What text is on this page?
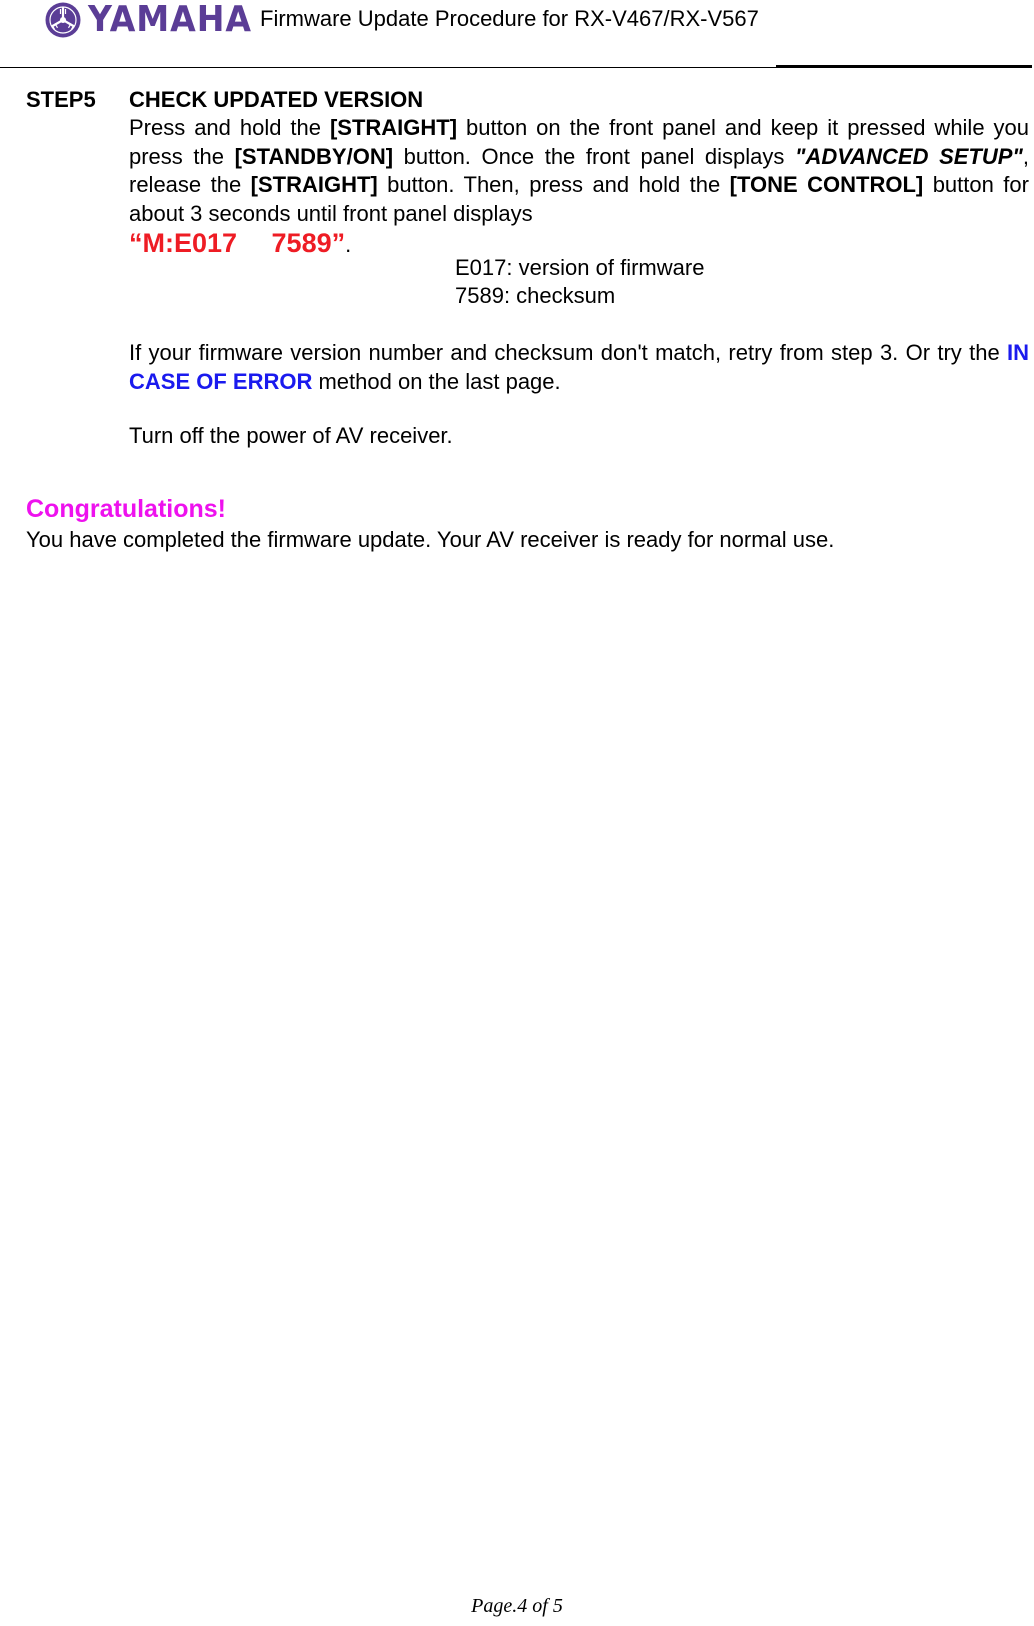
YAMAHA Firmware Update Procedure for RX-V467/RX-V567
STEP5 CHECK UPDATED VERSION
Press and hold the [STRAIGHT] button on the front panel and keep it pressed while you press the [STANDBY/ON] button. Once the front panel displays "ADVANCED SETUP", release the [STRAIGHT] button. Then, press and hold the [TONE CONTROL] button for about 3 seconds until front panel displays
“M:E017　 7589”.
E017: version of firmware
7589: checksum
If your firmware version number and checksum don't match, retry from step 3. Or try the IN CASE OF ERROR method on the last page.
Turn off the power of AV receiver.
Congratulations!
You have completed the firmware update. Your AV receiver is ready for normal use.
Page.4 of 5
